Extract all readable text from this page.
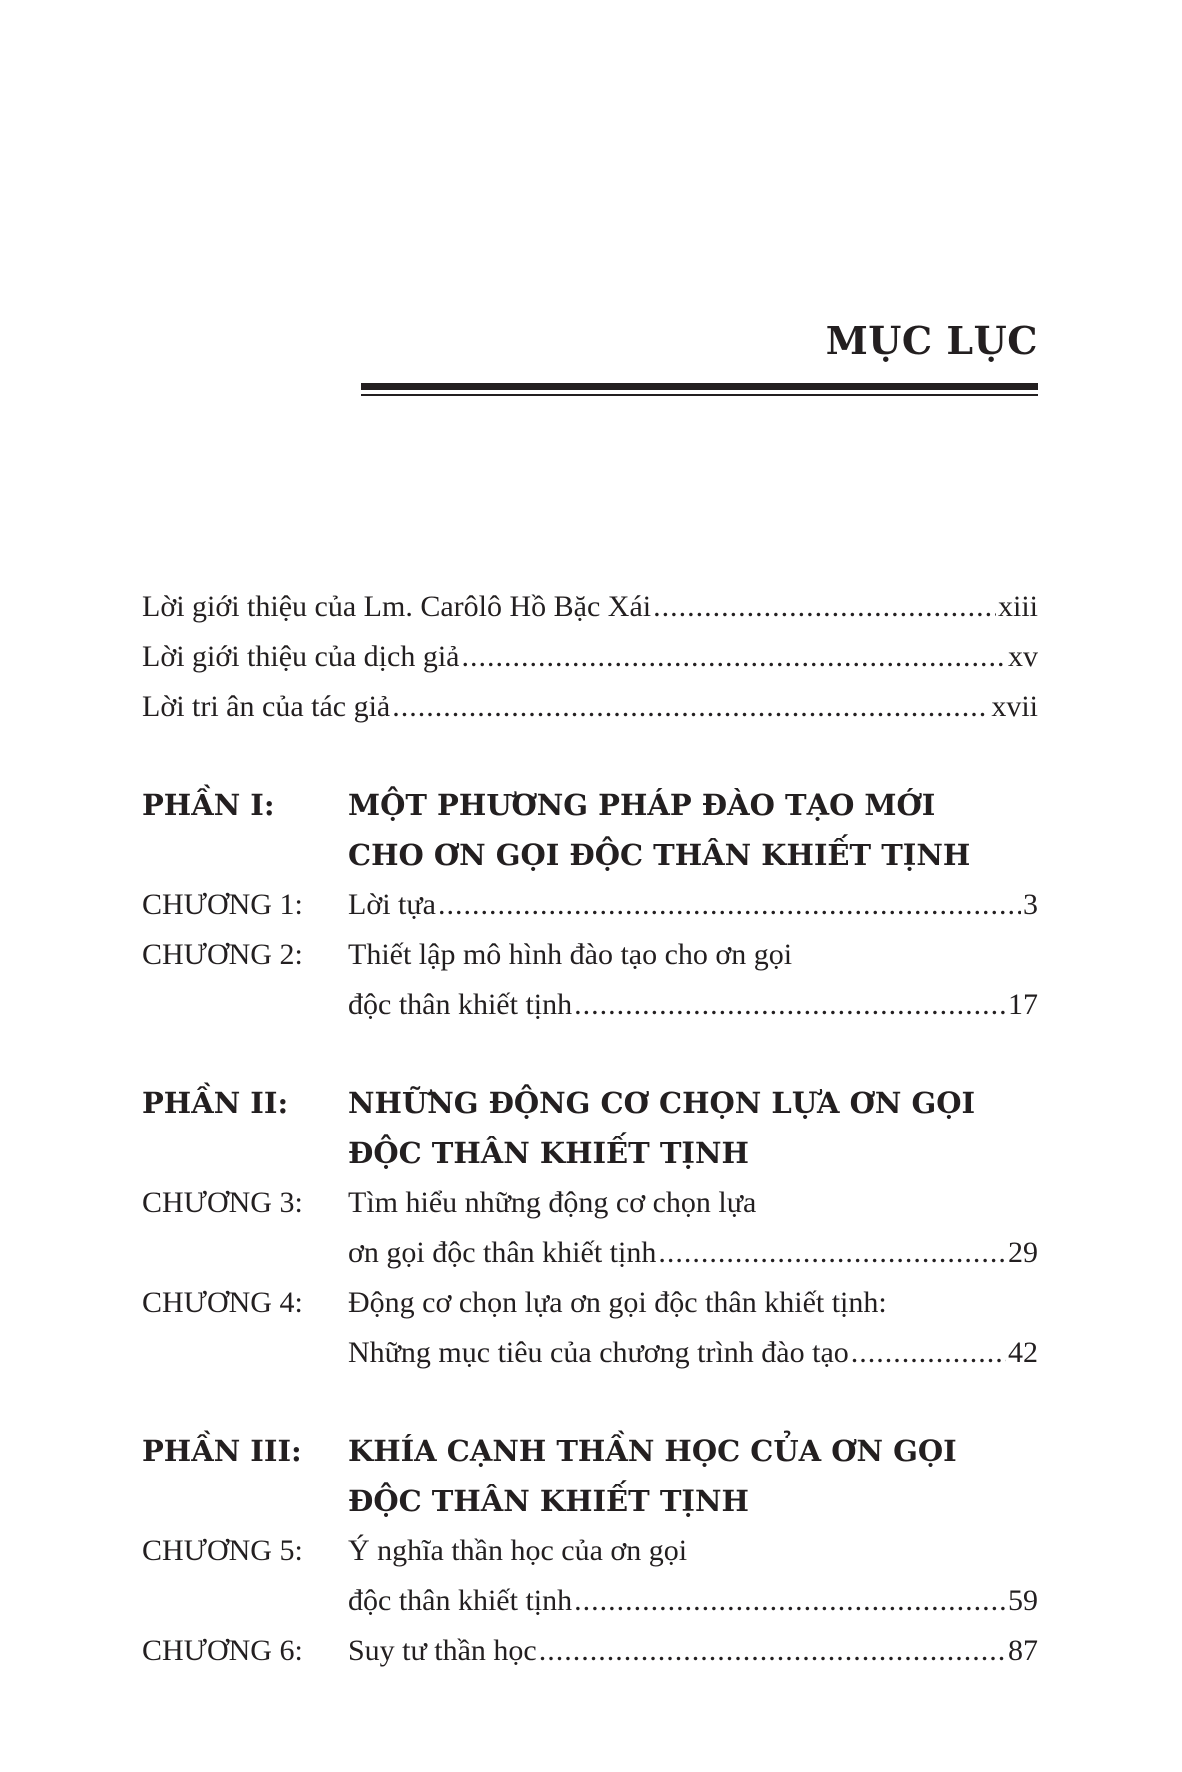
MỤC LỤC
Lời giới thiệu của Lm. Carôlô Hồ Bặc Xái .....	xiii
Lời giới thiệu của dịch giả .....	xv
Lời tri ân của tác giả .....	xvii
PHẦN I:	MỘT PHƯƠNG PHÁP ĐÀO TẠO MỚI
CHO ƠN GỌI ĐỘC THÂN KHIẾT TỊNH
CHƯƠNG 1:	Lời tựa .....	3
CHƯƠNG 2:	Thiết lập mô hình đào tạo cho ơn gọi
độc thân khiết tịnh .....	17
PHẦN II:	NHỮNG ĐỘNG CƠ CHỌN LỰA ƠN GỌI
ĐỘC THÂN KHIẾT TỊNH
CHƯƠNG 3:	Tìm hiểu những động cơ chọn lựa
ơn gọi độc thân khiết tịnh .....	29
CHƯƠNG 4:	Động cơ chọn lựa ơn gọi độc thân khiết tịnh:
Những mục tiêu của chương trình đào tạo .....	42
PHẦN III:	KHÍA CẠNH THẦN HỌC CỦA ƠN GỌI
ĐỘC THÂN KHIẾT TỊNH
CHƯƠNG 5:	Ý nghĩa thần học của ơn gọi
độc thân khiết tịnh .....	59
CHƯƠNG 6:	Suy tư thần học .....	87
